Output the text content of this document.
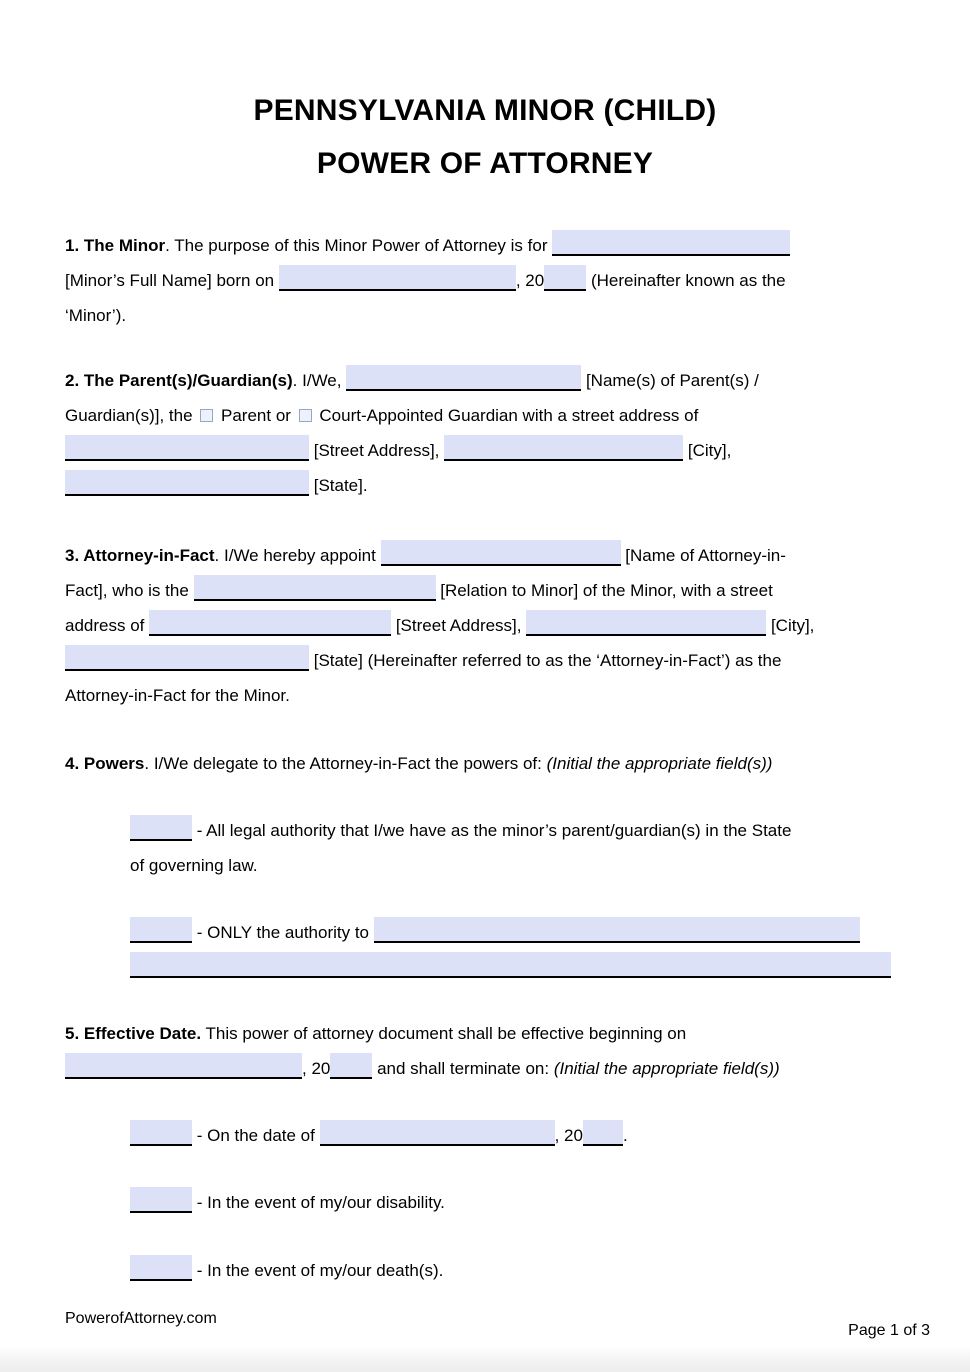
PENNSYLVANIA MINOR (CHILD)
POWER OF ATTORNEY
1. The Minor. The purpose of this Minor Power of Attorney is for
[Minor’s Full Name] born on	, 20 (Hereinafter known as the
‘Minor’).
2. The Parent(s)/Guardian(s). I/We,	[Name(s) of Parent(s) /
Guardian(s)], the  Parent or  Court-Appointed Guardian with a street address of
[Street Address],	[City],
[State].
3. Attorney-in-Fact. I/We hereby appoint	[Name of Attorney-in-
Fact], who is the	[Relation to Minor] of the Minor, with a street
address of	[Street Address],	[City],
[State] (Hereinafter referred to as the ‘Attorney-in-Fact’) as the
Attorney-in-Fact for the Minor.
4. Powers. I/We delegate to the Attorney-in-Fact the powers of: (Initial the appropriate field(s))
- All legal authority that I/we have as the minor’s parent/guardian(s) in the State
of governing law.
- ONLY the authority to
5. Effective Date. This power of attorney document shall be effective beginning on
, 20 and shall terminate on: (Initial the appropriate field(s))
- On the date of	, 20 .
- In the event of my/our disability.
- In the event of my/our death(s).
PowerofAttorney.com
Page 1 of 3
